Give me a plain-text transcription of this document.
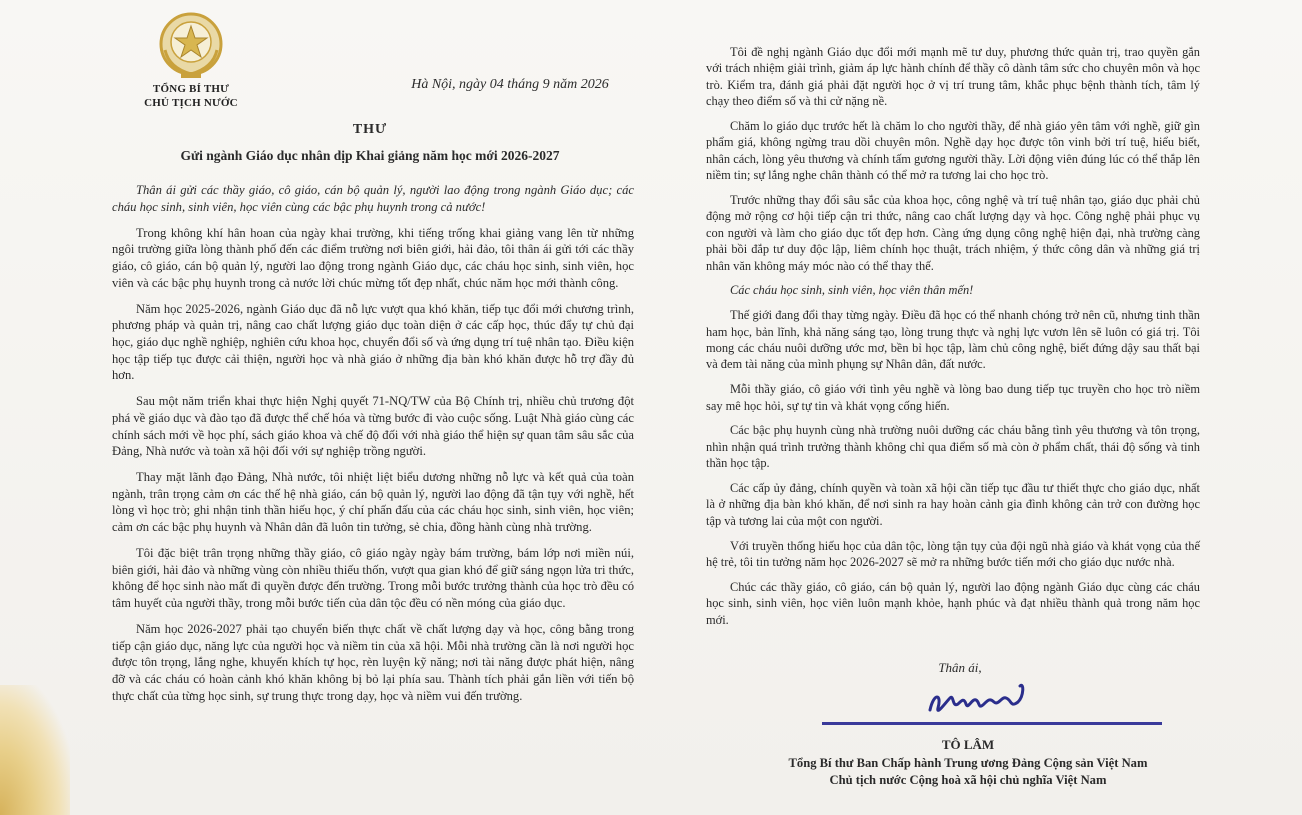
TỔNG BÍ THƯ
CHỦ TỊCH NƯỚC
Hà Nội, ngày 04 tháng 9 năm 2026
THƯ
Gửi ngành Giáo dục nhân dịp Khai giảng năm học mới 2026-2027

Thân ái gửi các thầy giáo, cô giáo, cán bộ quản lý, người lao động trong ngành Giáo dục; các cháu học sinh, sinh viên, học viên cùng các bậc phụ huynh trong cả nước!

Trong không khí hân hoan của ngày khai trường, khi tiếng trống khai giảng vang lên từ những ngôi trường giữa lòng thành phố đến các điểm trường nơi biên giới, hải đảo, tôi thân ái gửi tới các thầy giáo, cô giáo, cán bộ quản lý, người lao động trong ngành Giáo dục, các cháu học sinh, sinh viên, học viên và các bậc phụ huynh trong cả nước lời chúc mừng tốt đẹp nhất, chúc năm học mới thành công.

Năm học 2025-2026, ngành Giáo dục đã nỗ lực vượt qua khó khăn, tiếp tục đổi mới chương trình, phương pháp và quản trị, nâng cao chất lượng giáo dục toàn diện ở các cấp học, thúc đẩy tự chủ đại học, giáo dục nghề nghiệp, nghiên cứu khoa học, chuyển đổi số và ứng dụng trí tuệ nhân tạo. Điều kiện học tập tiếp tục được cải thiện, người học và nhà giáo ở những địa bàn khó khăn được hỗ trợ đầy đủ hơn.

Sau một năm triển khai thực hiện Nghị quyết 71-NQ/TW của Bộ Chính trị, nhiều chủ trương đột phá về giáo dục và đào tạo đã được thể chế hóa và từng bước đi vào cuộc sống. Luật Nhà giáo cùng các chính sách mới về học phí, sách giáo khoa và chế độ đối với nhà giáo thể hiện sự quan tâm sâu sắc của Đảng, Nhà nước và toàn xã hội đối với sự nghiệp trồng người.

Thay mặt lãnh đạo Đảng, Nhà nước, tôi nhiệt liệt biểu dương những nỗ lực và kết quả của toàn ngành, trân trọng cảm ơn các thế hệ nhà giáo, cán bộ quản lý, người lao động đã tận tụy với nghề, hết lòng vì học trò; ghi nhận tinh thần hiếu học, ý chí phấn đấu của các cháu học sinh, sinh viên, học viên; cảm ơn các bậc phụ huynh và Nhân dân đã luôn tin tưởng, sẻ chia, đồng hành cùng nhà trường.

Tôi đặc biệt trân trọng những thầy giáo, cô giáo ngày ngày bám trường, bám lớp nơi miền núi, biên giới, hải đảo và những vùng còn nhiều thiếu thốn, vượt qua gian khó để giữ sáng ngọn lửa tri thức, không để học sinh nào mất đi quyền được đến trường. Trong mỗi bước trưởng thành của học trò đều có tâm huyết của người thầy, trong mỗi bước tiến của dân tộc đều có nền móng của giáo dục.

Năm học 2026-2027 phải tạo chuyển biến thực chất về chất lượng dạy và học, công bằng trong tiếp cận giáo dục, năng lực của người học và niềm tin của xã hội. Mỗi nhà trường cần là nơi người học được tôn trọng, lắng nghe, khuyến khích tự học, rèn luyện kỹ năng; nơi tài năng được phát hiện, nâng đỡ và các cháu có hoàn cảnh khó khăn không bị bỏ lại phía sau. Thành tích phải gắn liền với tiến bộ thực chất của từng học sinh, sự trung thực trong dạy, học và niềm vui đến trường.

Tôi đề nghị ngành Giáo dục đổi mới mạnh mẽ tư duy, phương thức quản trị, trao quyền gắn với trách nhiệm giải trình, giảm áp lực hành chính để thầy cô dành tâm sức cho chuyên môn và học trò. Kiểm tra, đánh giá phải đặt người học ở vị trí trung tâm, khắc phục bệnh thành tích, tâm lý chạy theo điểm số và thi cử nặng nề.

Chăm lo giáo dục trước hết là chăm lo cho người thầy, để nhà giáo yên tâm với nghề, giữ gìn phẩm giá, không ngừng trau dồi chuyên môn. Nghề dạy học được tôn vinh bởi trí tuệ, hiểu biết, nhân cách, lòng yêu thương và chính tấm gương người thầy. Lời động viên đúng lúc có thể thắp lên niềm tin; sự lắng nghe chân thành có thể mở ra tương lai cho học trò.

Trước những thay đổi sâu sắc của khoa học, công nghệ và trí tuệ nhân tạo, giáo dục phải chủ động mở rộng cơ hội tiếp cận tri thức, nâng cao chất lượng dạy và học. Công nghệ phải phục vụ con người và làm cho giáo dục tốt đẹp hơn. Càng ứng dụng công nghệ hiện đại, nhà trường càng phải bồi đắp tư duy độc lập, liêm chính học thuật, trách nhiệm, ý thức công dân và những giá trị nhân văn không máy móc nào có thể thay thế.

Các cháu học sinh, sinh viên, học viên thân mến!

Thế giới đang đổi thay từng ngày. Điều đã học có thể nhanh chóng trở nên cũ, nhưng tinh thần ham học, bản lĩnh, khả năng sáng tạo, lòng trung thực và nghị lực vươn lên sẽ luôn có giá trị. Tôi mong các cháu nuôi dưỡng ước mơ, bền bỉ học tập, làm chủ công nghệ, biết đứng dậy sau thất bại và đem tài năng của mình phụng sự Nhân dân, đất nước.

Mỗi thầy giáo, cô giáo với tình yêu nghề và lòng bao dung tiếp tục truyền cho học trò niềm say mê học hỏi, sự tự tin và khát vọng cống hiến.

Các bậc phụ huynh cùng nhà trường nuôi dưỡng các cháu bằng tình yêu thương và tôn trọng, nhìn nhận quá trình trưởng thành không chỉ qua điểm số mà còn ở phẩm chất, thái độ sống và tinh thần học tập.

Các cấp ủy đảng, chính quyền và toàn xã hội cần tiếp tục đầu tư thiết thực cho giáo dục, nhất là ở những địa bàn khó khăn, để nơi sinh ra hay hoàn cảnh gia đình không cản trở con đường học tập và tương lai của một con người.

Với truyền thống hiếu học của dân tộc, lòng tận tụy của đội ngũ nhà giáo và khát vọng của thế hệ trẻ, tôi tin tưởng năm học 2026-2027 sẽ mở ra những bước tiến mới cho giáo dục nước nhà.

Chúc các thầy giáo, cô giáo, cán bộ quản lý, người lao động ngành Giáo dục cùng các cháu học sinh, sinh viên, học viên luôn mạnh khỏe, hạnh phúc và đạt nhiều thành quả trong năm học mới.

Thân ái,
TÔ LÂM
Tổng Bí thư Ban Chấp hành Trung ương Đảng Cộng sản Việt Nam
Chủ tịch nước Cộng hoà xã hội chủ nghĩa Việt Nam
